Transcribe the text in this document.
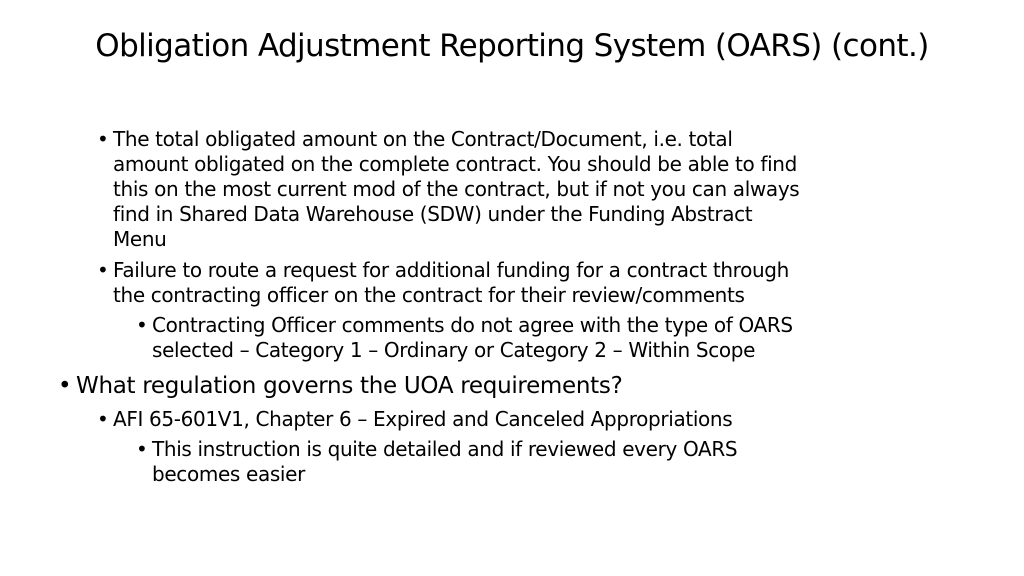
Obligation Adjustment Reporting System (OARS) (cont.)
• The total obligated amount on the Contract/Document, i.e. total
amount obligated on the complete contract. You should be able to find
this on the most current mod of the contract, but if not you can always
find in Shared Data Warehouse (SDW) under the Funding Abstract
Menu
• Failure to route a request for additional funding for a contract through
the contracting officer on the contract for their review/comments
• Contracting Officer comments do not agree with the type of OARS
selected – Category 1 – Ordinary or Category 2 – Within Scope
• What regulation governs the UOA requirements?
• AFI 65-601V1, Chapter 6 – Expired and Canceled Appropriations
• This instruction is quite detailed and if reviewed every OARS
becomes easier
